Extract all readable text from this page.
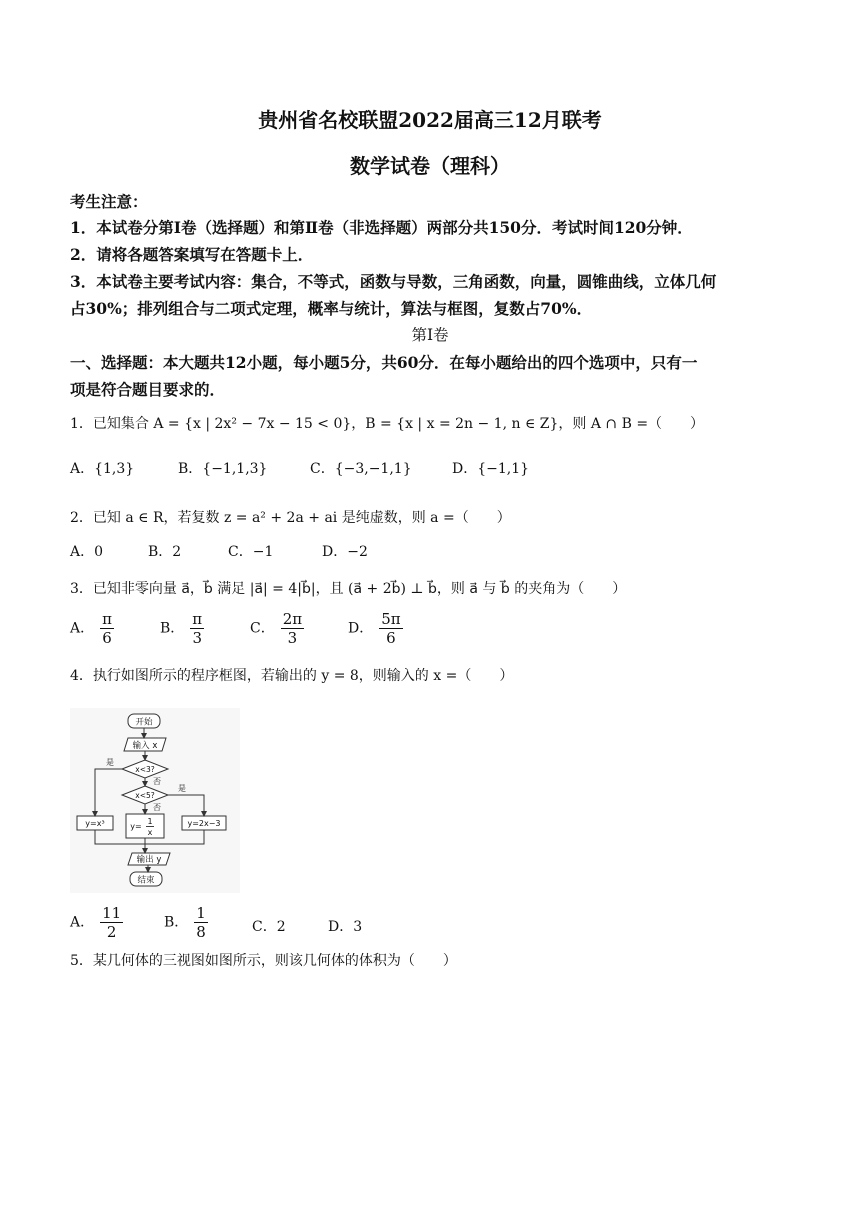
贵州省名校联盟2022届高三12月联考
数学试卷（理科）
考生注意：
1．本试卷分第Ⅰ卷（选择题）和第Ⅱ卷（非选择题）两部分共150分．考试时间120分钟．
2．请将各题答案填写在答题卡上．
3．本试卷主要考试内容：集合，不等式，函数与导数，三角函数，向量，圆锥曲线，立体几何
占30%；排列组合与二项式定理，概率与统计，算法与框图，复数占70%．
第Ⅰ卷
一、选择题：本大题共12小题，每小题5分，共60分．在每小题给出的四个选项中，只有一
项是符合题目要求的．
1．已知集合 A = {x | 2x² − 7x − 15 < 0}，B = {x | x = 2n − 1, n ∈ Z}，则 A ∩ B =（　　）
A．{1,3}	B．{−1,1,3}	C．{−3,−1,1}	D．{−1,1}
2．已知 a ∈ R，若复数 z = a² + 2a + ai 是纯虚数，则 a =（　　）
A．0	B．2	C．−1	D．−2
3．已知非零向量 a⃗，b⃗ 满足 |a⃗| = 4|b⃗|，且 (a⃗ + 2b⃗) ⊥ b⃗，则 a⃗ 与 b⃗ 的夹角为（　　）
A． $\frac{\pi}{6}$	B． $\frac{\pi}{3}$	C． $\frac{2\pi}{3}$	D． $\frac{5\pi}{6}$
4．执行如图所示的程序框图，若输出的 y = 8，则输入的 x =（　　）
开始
输入 x
x<3?
x<5?
是
否
是
否
y=x³	y=
1
x
y=2x−3
输出 y
结束
A． $\frac{11}{2}$	B． $\frac{1}{8}$	C．2	D．3
5．某几何体的三视图如图所示，则该几何体的体积为（　　）
